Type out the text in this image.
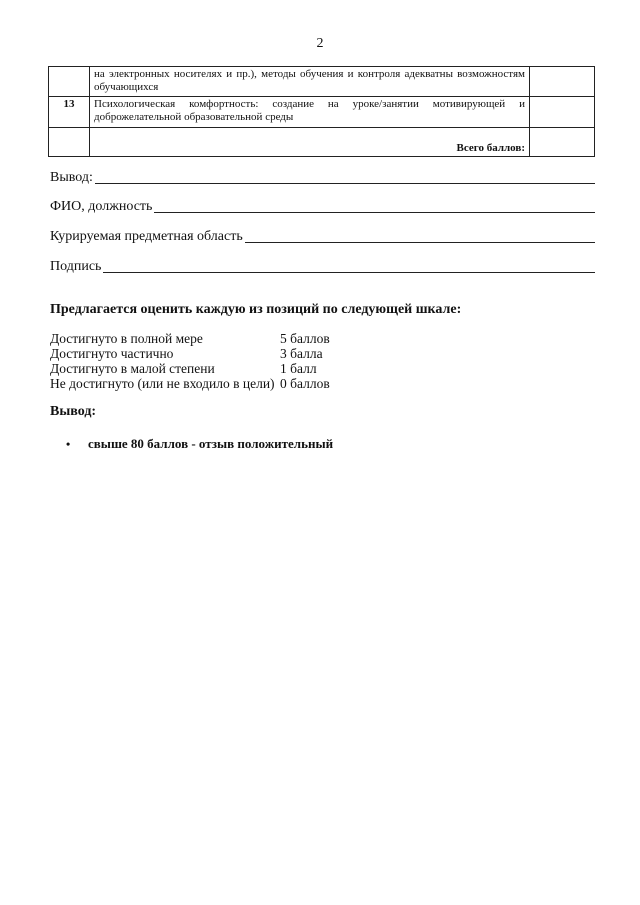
2
	на электронных носителях и пр.), методы обучения и контроля адекватны возможностям обучающихся	
13	Психологическая комфортность: создание на уроке/занятии мотивирующей и доброжелательной образовательной среды	
	Всего баллов:	
Вывод:
ФИО, должность
Курируемая предметная область
Подпись
Предлагается оценить каждую из позиций по следующей шкале:
Достигнуто в полной мере	5 баллов
Достигнуто частично	3 балла
Достигнуто в малой степени	1 балл
Не достигнуто (или не входило в цели) 0 баллов
Вывод:
•	свыше 80 баллов - отзыв положительный
